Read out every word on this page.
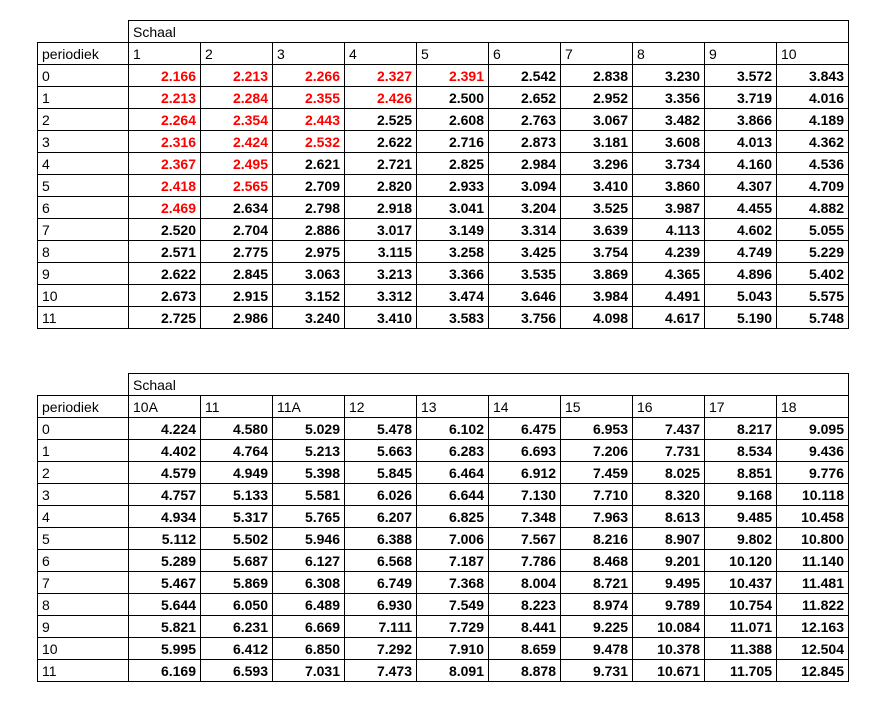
	Schaal									
periodiek	1	2	3	4	5	6	7	8	9	10
0	2.166	2.213	2.266	2.327	2.391	2.542	2.838	3.230	3.572	3.843
1	2.213	2.284	2.355	2.426	2.500	2.652	2.952	3.356	3.719	4.016
2	2.264	2.354	2.443	2.525	2.608	2.763	3.067	3.482	3.866	4.189
3	2.316	2.424	2.532	2.622	2.716	2.873	3.181	3.608	4.013	4.362
4	2.367	2.495	2.621	2.721	2.825	2.984	3.296	3.734	4.160	4.536
5	2.418	2.565	2.709	2.820	2.933	3.094	3.410	3.860	4.307	4.709
6	2.469	2.634	2.798	2.918	3.041	3.204	3.525	3.987	4.455	4.882
7	2.520	2.704	2.886	3.017	3.149	3.314	3.639	4.113	4.602	5.055
8	2.571	2.775	2.975	3.115	3.258	3.425	3.754	4.239	4.749	5.229
9	2.622	2.845	3.063	3.213	3.366	3.535	3.869	4.365	4.896	5.402
10	2.673	2.915	3.152	3.312	3.474	3.646	3.984	4.491	5.043	5.575
11	2.725	2.986	3.240	3.410	3.583	3.756	4.098	4.617	5.190	5.748
	Schaal									
periodiek	10A	11	11A	12	13	14	15	16	17	18
0	4.224	4.580	5.029	5.478	6.102	6.475	6.953	7.437	8.217	9.095
1	4.402	4.764	5.213	5.663	6.283	6.693	7.206	7.731	8.534	9.436
2	4.579	4.949	5.398	5.845	6.464	6.912	7.459	8.025	8.851	9.776
3	4.757	5.133	5.581	6.026	6.644	7.130	7.710	8.320	9.168	10.118
4	4.934	5.317	5.765	6.207	6.825	7.348	7.963	8.613	9.485	10.458
5	5.112	5.502	5.946	6.388	7.006	7.567	8.216	8.907	9.802	10.800
6	5.289	5.687	6.127	6.568	7.187	7.786	8.468	9.201	10.120	11.140
7	5.467	5.869	6.308	6.749	7.368	8.004	8.721	9.495	10.437	11.481
8	5.644	6.050	6.489	6.930	7.549	8.223	8.974	9.789	10.754	11.822
9	5.821	6.231	6.669	7.111	7.729	8.441	9.225	10.084	11.071	12.163
10	5.995	6.412	6.850	7.292	7.910	8.659	9.478	10.378	11.388	12.504
11	6.169	6.593	7.031	7.473	8.091	8.878	9.731	10.671	11.705	12.845
